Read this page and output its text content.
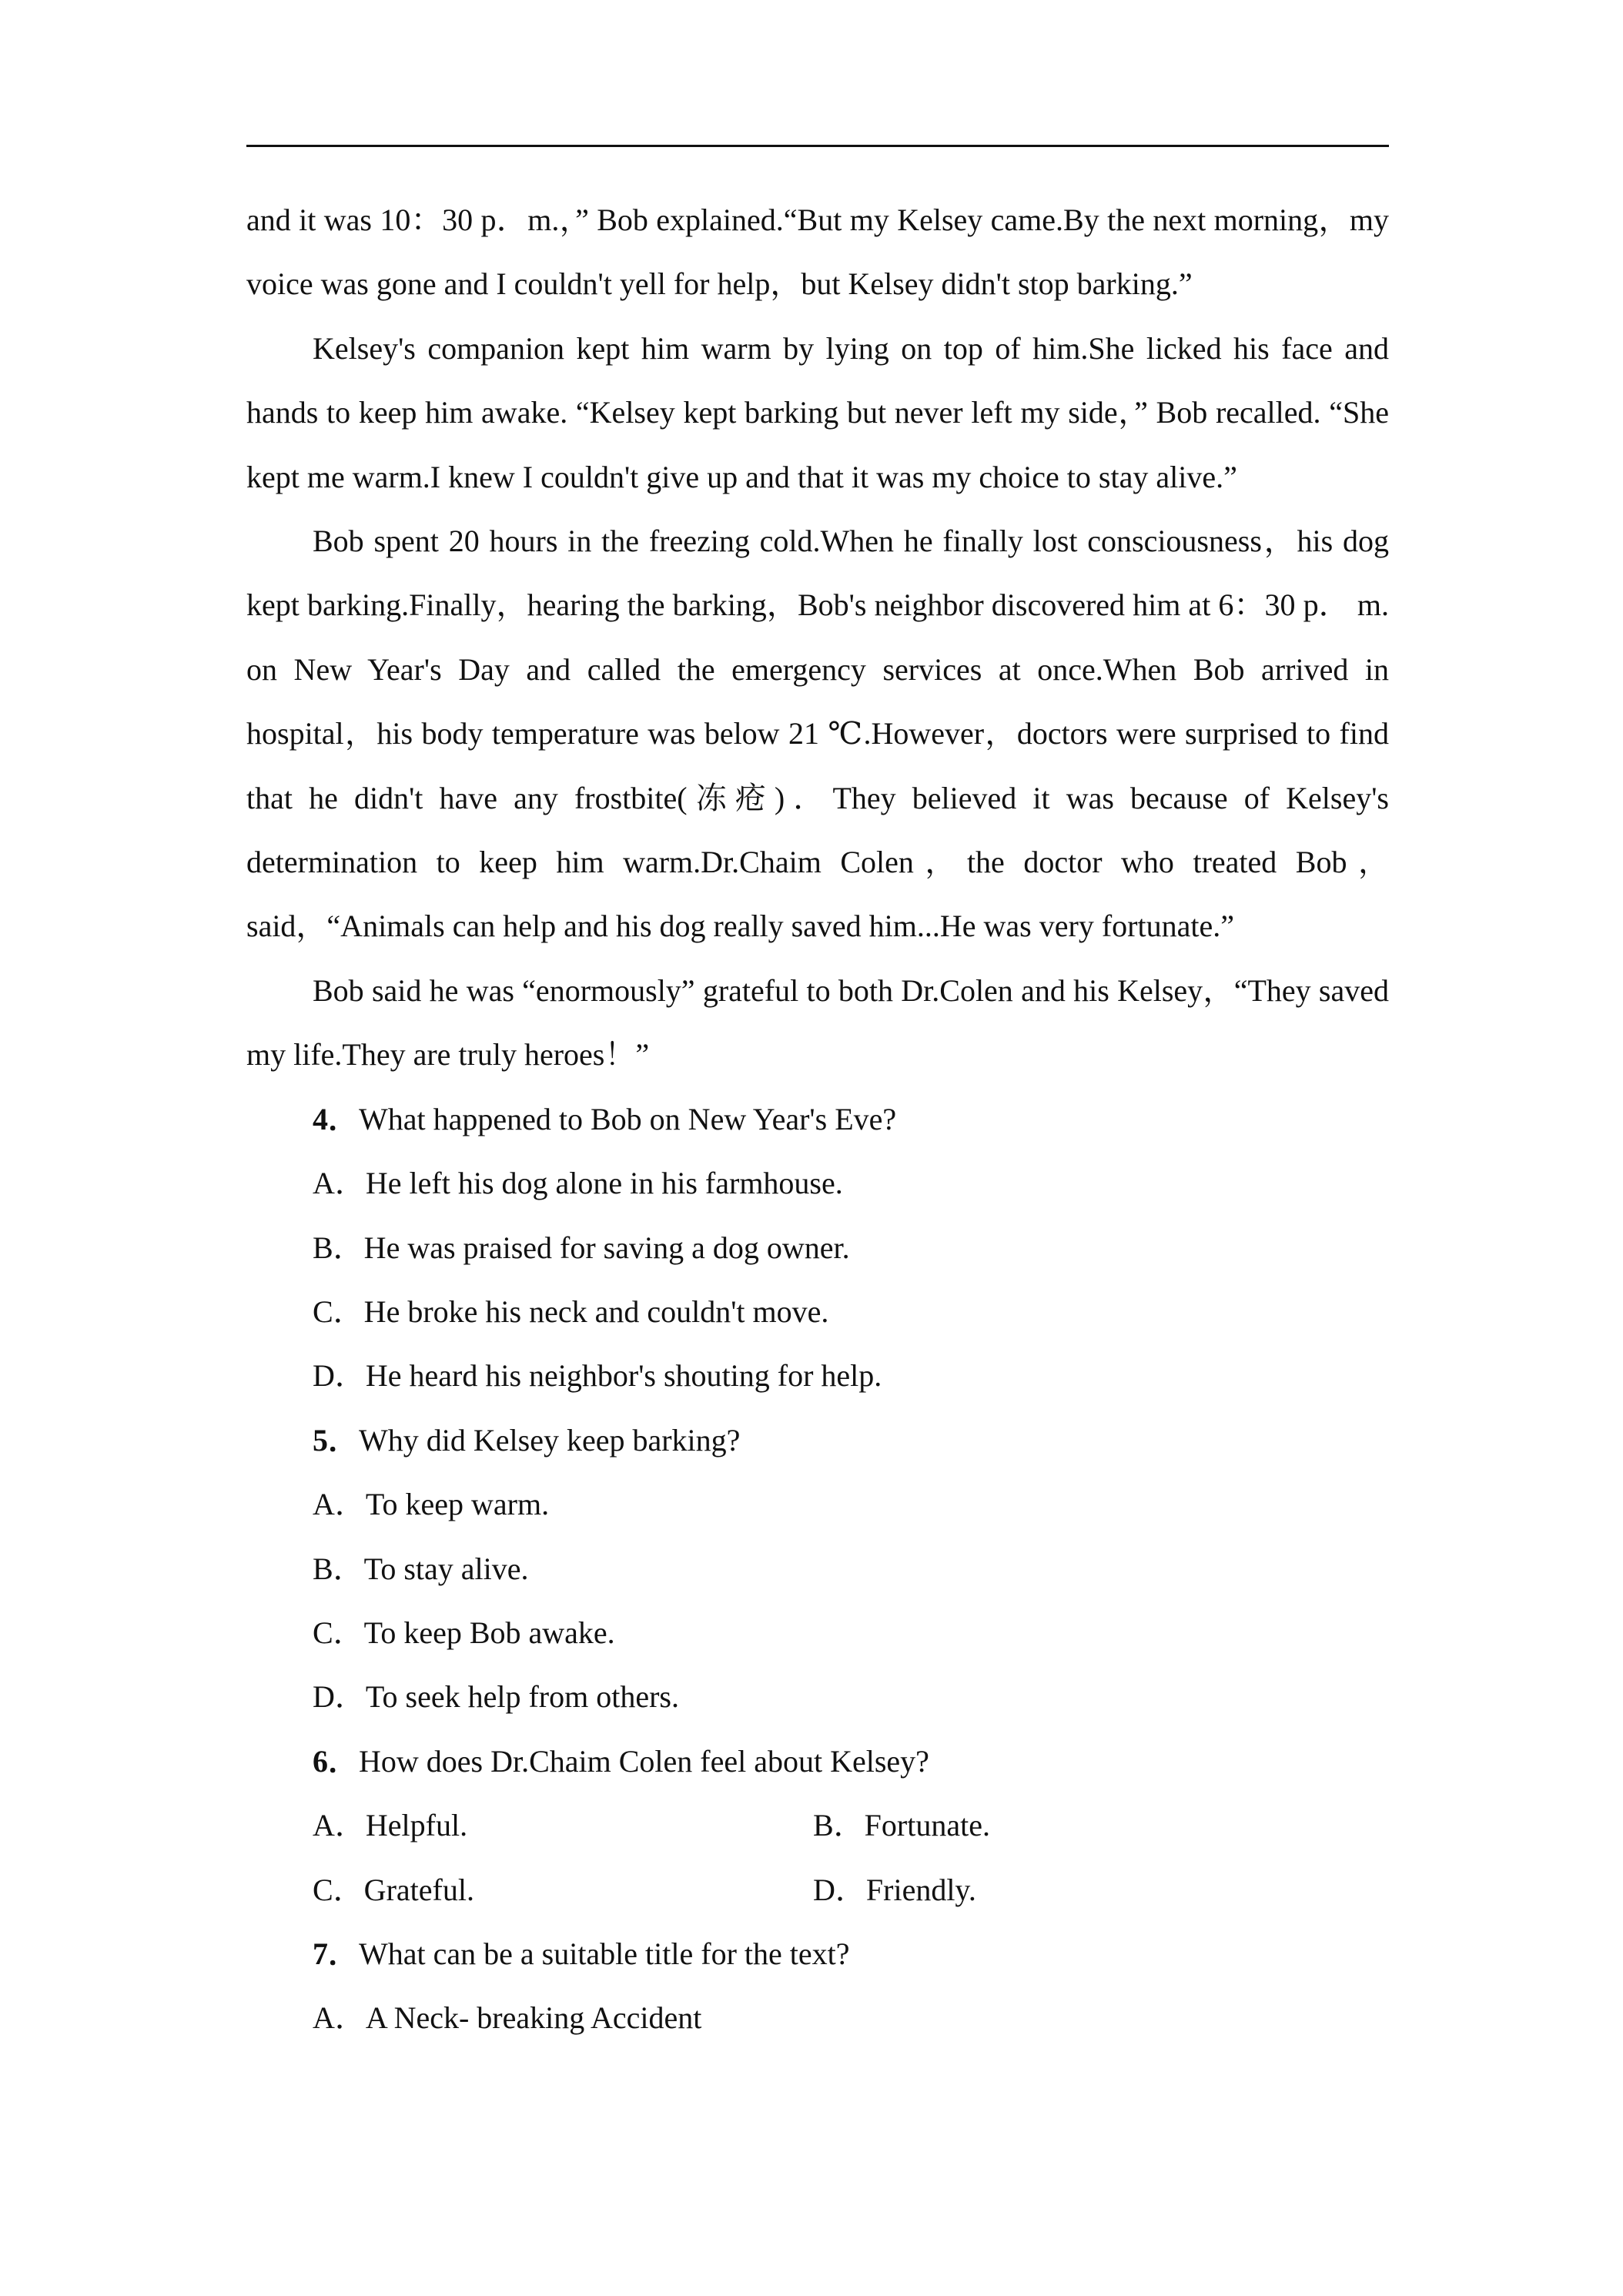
and it was 10：30 p．m.，” Bob explained.“But my Kelsey came.By the next morning，my voice was gone and I couldn't yell for help，but Kelsey didn't stop barking.”

Kelsey's companion kept him warm by lying on top of him.She licked his face and hands to keep him awake. “Kelsey kept barking but never left my side，” Bob recalled. “She kept me warm.I knew I couldn't give up and that it was my choice to stay alive.”

Bob spent 20 hours in the freezing cold.When he finally lost consciousness，his dog kept barking.Finally，hearing the barking，Bob's neighbor discovered him at 6：30 p． m. on New Year's Day and called the emergency services at once.When Bob arrived in hospital，his body temperature was below 21 ℃.However，doctors were surprised to find that he didn't have any frostbite(冻疮)．They believed it was because of Kelsey's determination to keep him warm.Dr.Chaim Colen，the doctor who treated Bob，said，“Animals can help and his dog really saved him...He was very fortunate.”

Bob said he was “enormously” grateful to both Dr.Colen and his Kelsey，“They saved my life.They are truly heroes！”

4．What happened to Bob on New Year's Eve?

A．He left his dog alone in his farmhouse.

B．He was praised for saving a dog owner.

C．He broke his neck and couldn't move.

D．He heard his neighbor's shouting for help.

5．Why did Kelsey keep barking?

A．To keep warm.

B．To stay alive.

C．To keep Bob awake.

D．To seek help from others.

6．How does Dr.Chaim Colen feel about Kelsey?

A．Helpful.	B．Fortunate.
C．Grateful.	D．Friendly.

7．What can be a suitable title for the text?

A．A Neck- breaking Accident
